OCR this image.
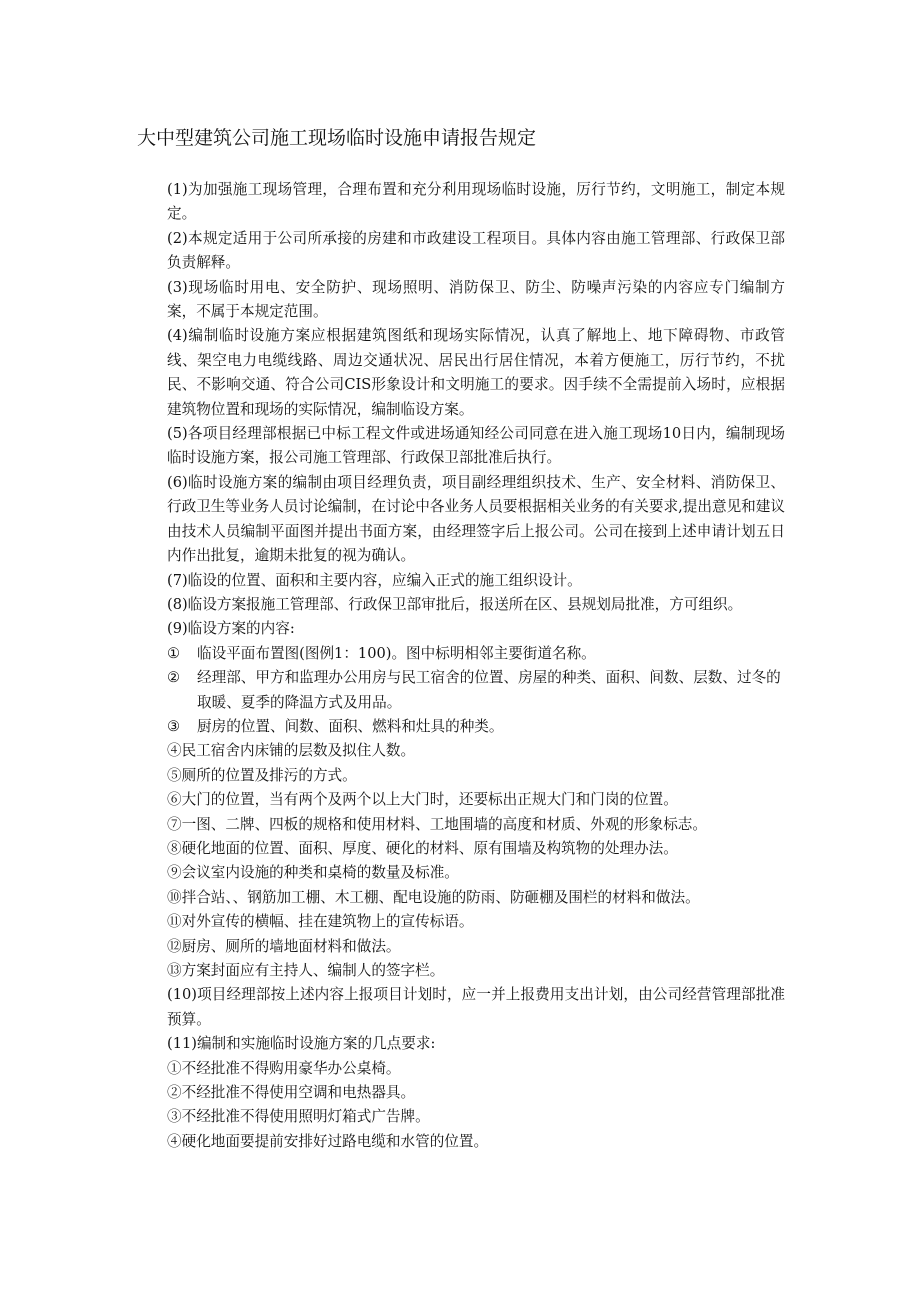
大中型建筑公司施工现场临时设施申请报告规定

(1)为加强施工现场管理，合理布置和充分利用现场临时设施，厉行节约，文明施工，制定本规定。

(2)本规定适用于公司所承接的房建和市政建设工程项目。具体内容由施工管理部、行政保卫部负责解释。

(3)现场临时用电、安全防护、现场照明、消防保卫、防尘、防噪声污染的内容应专门编制方案，不属于本规定范围。

(4)编制临时设施方案应根据建筑图纸和现场实际情况，认真了解地上、地下障碍物、市政管线、架空电力电缆线路、周边交通状况、居民出行居住情况，本着方便施工，厉行节约，不扰民、不影响交通、符合公司CIS形象设计和文明施工的要求。因手续不全需提前入场时，应根据建筑物位置和现场的实际情况，编制临设方案。

(5)各项目经理部根据已中标工程文件或进场通知经公司同意在进入施工现场10日内，编制现场临时设施方案，报公司施工管理部、行政保卫部批准后执行。

(6)临时设施方案的编制由项目经理负责，项目副经理组织技术、生产、安全材料、消防保卫、行政卫生等业务人员讨论编制，在讨论中各业务人员要根据相关业务的有关要求,提出意见和建议由技术人员编制平面图并提出书面方案，由经理签字后上报公司。公司在接到上述申请计划五日内作出批复，逾期未批复的视为确认。

(7)临设的位置、面积和主要内容，应编入正式的施工组织设计。

(8)临设方案报施工管理部、行政保卫部审批后，报送所在区、县规划局批准，方可组织。

(9)临设方案的内容:

①	临设平面布置图(图例1：100)。图中标明相邻主要街道名称。
②	经理部、甲方和监理办公用房与民工宿舍的位置、房屋的种类、面积、间数、层数、过冬的取暖、夏季的降温方式及用品。
③	厨房的位置、间数、面积、燃料和灶具的种类。

④民工宿舍内床铺的层数及拟住人数。

⑤厕所的位置及排污的方式。

⑥大门的位置，当有两个及两个以上大门时，还要标出正规大门和门岗的位置。

⑦一图、二牌、四板的规格和使用材料、工地围墙的高度和材质、外观的形象标志。

⑧硬化地面的位置、面积、厚度、硬化的材料、原有围墙及构筑物的处理办法。

⑨会议室内设施的种类和桌椅的数量及标准。

⑩拌合站、、钢筋加工棚、木工棚、配电设施的防雨、防砸棚及围栏的材料和做法。

⑪对外宣传的横幅、挂在建筑物上的宣传标语。

⑫厨房、厕所的墙地面材料和做法。

⑬方案封面应有主持人、编制人的签字栏。

(10)项目经理部按上述内容上报项目计划时，应一并上报费用支出计划，由公司经营管理部批准预算。

(11)编制和实施临时设施方案的几点要求:

①不经批准不得购用豪华办公桌椅。

②不经批准不得使用空调和电热器具。

③不经批准不得使用照明灯箱式广告牌。

④硬化地面要提前安排好过路电缆和水管的位置。
